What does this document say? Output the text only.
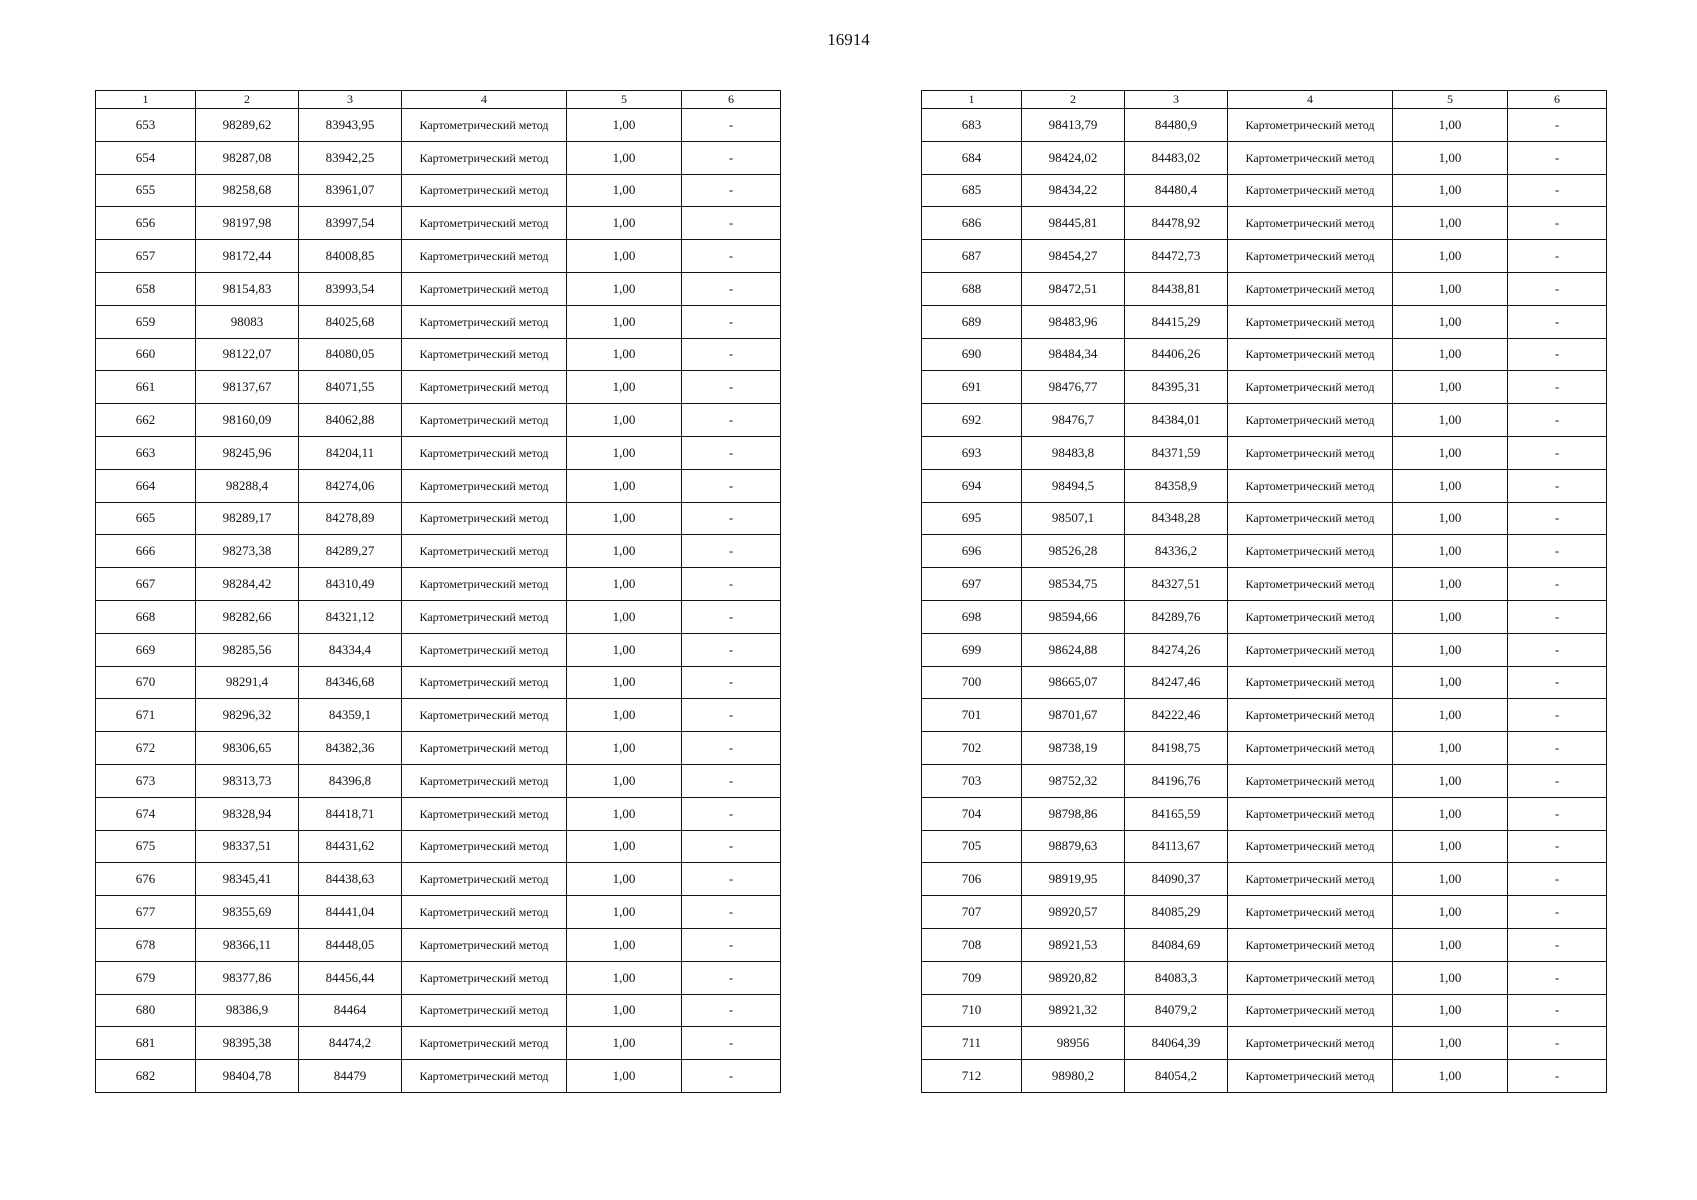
16914
1	2	3	4	5	6
653	98289,62	83943,95	Картометрический метод	1,00	-
654	98287,08	83942,25	Картометрический метод	1,00	-
655	98258,68	83961,07	Картометрический метод	1,00	-
656	98197,98	83997,54	Картометрический метод	1,00	-
657	98172,44	84008,85	Картометрический метод	1,00	-
658	98154,83	83993,54	Картометрический метод	1,00	-
659	98083	84025,68	Картометрический метод	1,00	-
660	98122,07	84080,05	Картометрический метод	1,00	-
661	98137,67	84071,55	Картометрический метод	1,00	-
662	98160,09	84062,88	Картометрический метод	1,00	-
663	98245,96	84204,11	Картометрический метод	1,00	-
664	98288,4	84274,06	Картометрический метод	1,00	-
665	98289,17	84278,89	Картометрический метод	1,00	-
666	98273,38	84289,27	Картометрический метод	1,00	-
667	98284,42	84310,49	Картометрический метод	1,00	-
668	98282,66	84321,12	Картометрический метод	1,00	-
669	98285,56	84334,4	Картометрический метод	1,00	-
670	98291,4	84346,68	Картометрический метод	1,00	-
671	98296,32	84359,1	Картометрический метод	1,00	-
672	98306,65	84382,36	Картометрический метод	1,00	-
673	98313,73	84396,8	Картометрический метод	1,00	-
674	98328,94	84418,71	Картометрический метод	1,00	-
675	98337,51	84431,62	Картометрический метод	1,00	-
676	98345,41	84438,63	Картометрический метод	1,00	-
677	98355,69	84441,04	Картометрический метод	1,00	-
678	98366,11	84448,05	Картометрический метод	1,00	-
679	98377,86	84456,44	Картометрический метод	1,00	-
680	98386,9	84464	Картометрический метод	1,00	-
681	98395,38	84474,2	Картометрический метод	1,00	-
682	98404,78	84479	Картометрический метод	1,00	-
1	2	3	4	5	6
683	98413,79	84480,9	Картометрический метод	1,00	-
684	98424,02	84483,02	Картометрический метод	1,00	-
685	98434,22	84480,4	Картометрический метод	1,00	-
686	98445,81	84478,92	Картометрический метод	1,00	-
687	98454,27	84472,73	Картометрический метод	1,00	-
688	98472,51	84438,81	Картометрический метод	1,00	-
689	98483,96	84415,29	Картометрический метод	1,00	-
690	98484,34	84406,26	Картометрический метод	1,00	-
691	98476,77	84395,31	Картометрический метод	1,00	-
692	98476,7	84384,01	Картометрический метод	1,00	-
693	98483,8	84371,59	Картометрический метод	1,00	-
694	98494,5	84358,9	Картометрический метод	1,00	-
695	98507,1	84348,28	Картометрический метод	1,00	-
696	98526,28	84336,2	Картометрический метод	1,00	-
697	98534,75	84327,51	Картометрический метод	1,00	-
698	98594,66	84289,76	Картометрический метод	1,00	-
699	98624,88	84274,26	Картометрический метод	1,00	-
700	98665,07	84247,46	Картометрический метод	1,00	-
701	98701,67	84222,46	Картометрический метод	1,00	-
702	98738,19	84198,75	Картометрический метод	1,00	-
703	98752,32	84196,76	Картометрический метод	1,00	-
704	98798,86	84165,59	Картометрический метод	1,00	-
705	98879,63	84113,67	Картометрический метод	1,00	-
706	98919,95	84090,37	Картометрический метод	1,00	-
707	98920,57	84085,29	Картометрический метод	1,00	-
708	98921,53	84084,69	Картометрический метод	1,00	-
709	98920,82	84083,3	Картометрический метод	1,00	-
710	98921,32	84079,2	Картометрический метод	1,00	-
711	98956	84064,39	Картометрический метод	1,00	-
712	98980,2	84054,2	Картометрический метод	1,00	-
